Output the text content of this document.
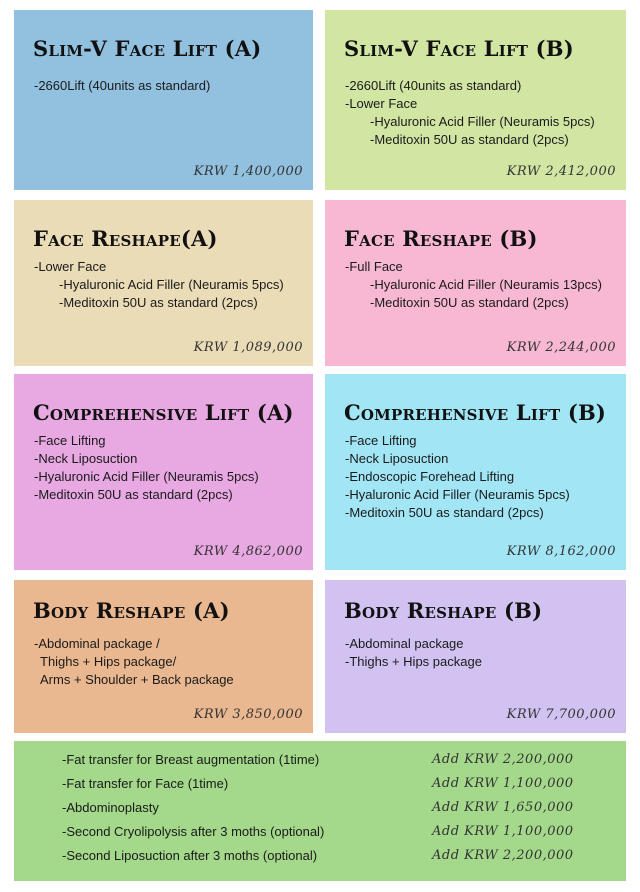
Slim-V Face Lift (A)
-2660Lift (40units as standard)
KRW 1,400,000
Slim-V Face Lift (B)
-2660Lift (40units as standard)
-Lower Face
-Hyaluronic Acid Filler (Neuramis 5pcs)
-Meditoxin 50U as standard (2pcs)
KRW 2,412,000
Face Reshape(A)
-Lower Face
-Hyaluronic Acid Filler (Neuramis 5pcs)
-Meditoxin 50U as standard (2pcs)
KRW 1,089,000
Face Reshape (B)
-Full Face
-Hyaluronic Acid Filler (Neuramis 13pcs)
-Meditoxin 50U as standard (2pcs)
KRW 2,244,000
Comprehensive Lift (A)
-Face Lifting
-Neck Liposuction
-Hyaluronic Acid Filler (Neuramis 5pcs)
-Meditoxin 50U as standard (2pcs)
KRW 4,862,000
Comprehensive Lift (B)
-Face Lifting
-Neck Liposuction
-Endoscopic Forehead Lifting
-Hyaluronic Acid Filler (Neuramis 5pcs)
-Meditoxin 50U as standard (2pcs)
KRW 8,162,000
Body Reshape (A)
-Abdominal package /
Thighs + Hips package/
Arms + Shoulder + Back package
KRW 3,850,000
Body Reshape (B)
-Abdominal package
-Thighs + Hips package
KRW 7,700,000
-Fat transfer for Breast augmentation (1time)	Add KRW 2,200,000
-Fat transfer for Face (1time)	Add KRW 1,100,000
-Abdominoplasty	Add KRW 1,650,000
-Second Cryolipolysis after 3 moths (optional)	Add KRW 1,100,000
-Second Liposuction after 3 moths (optional)	Add KRW 2,200,000
